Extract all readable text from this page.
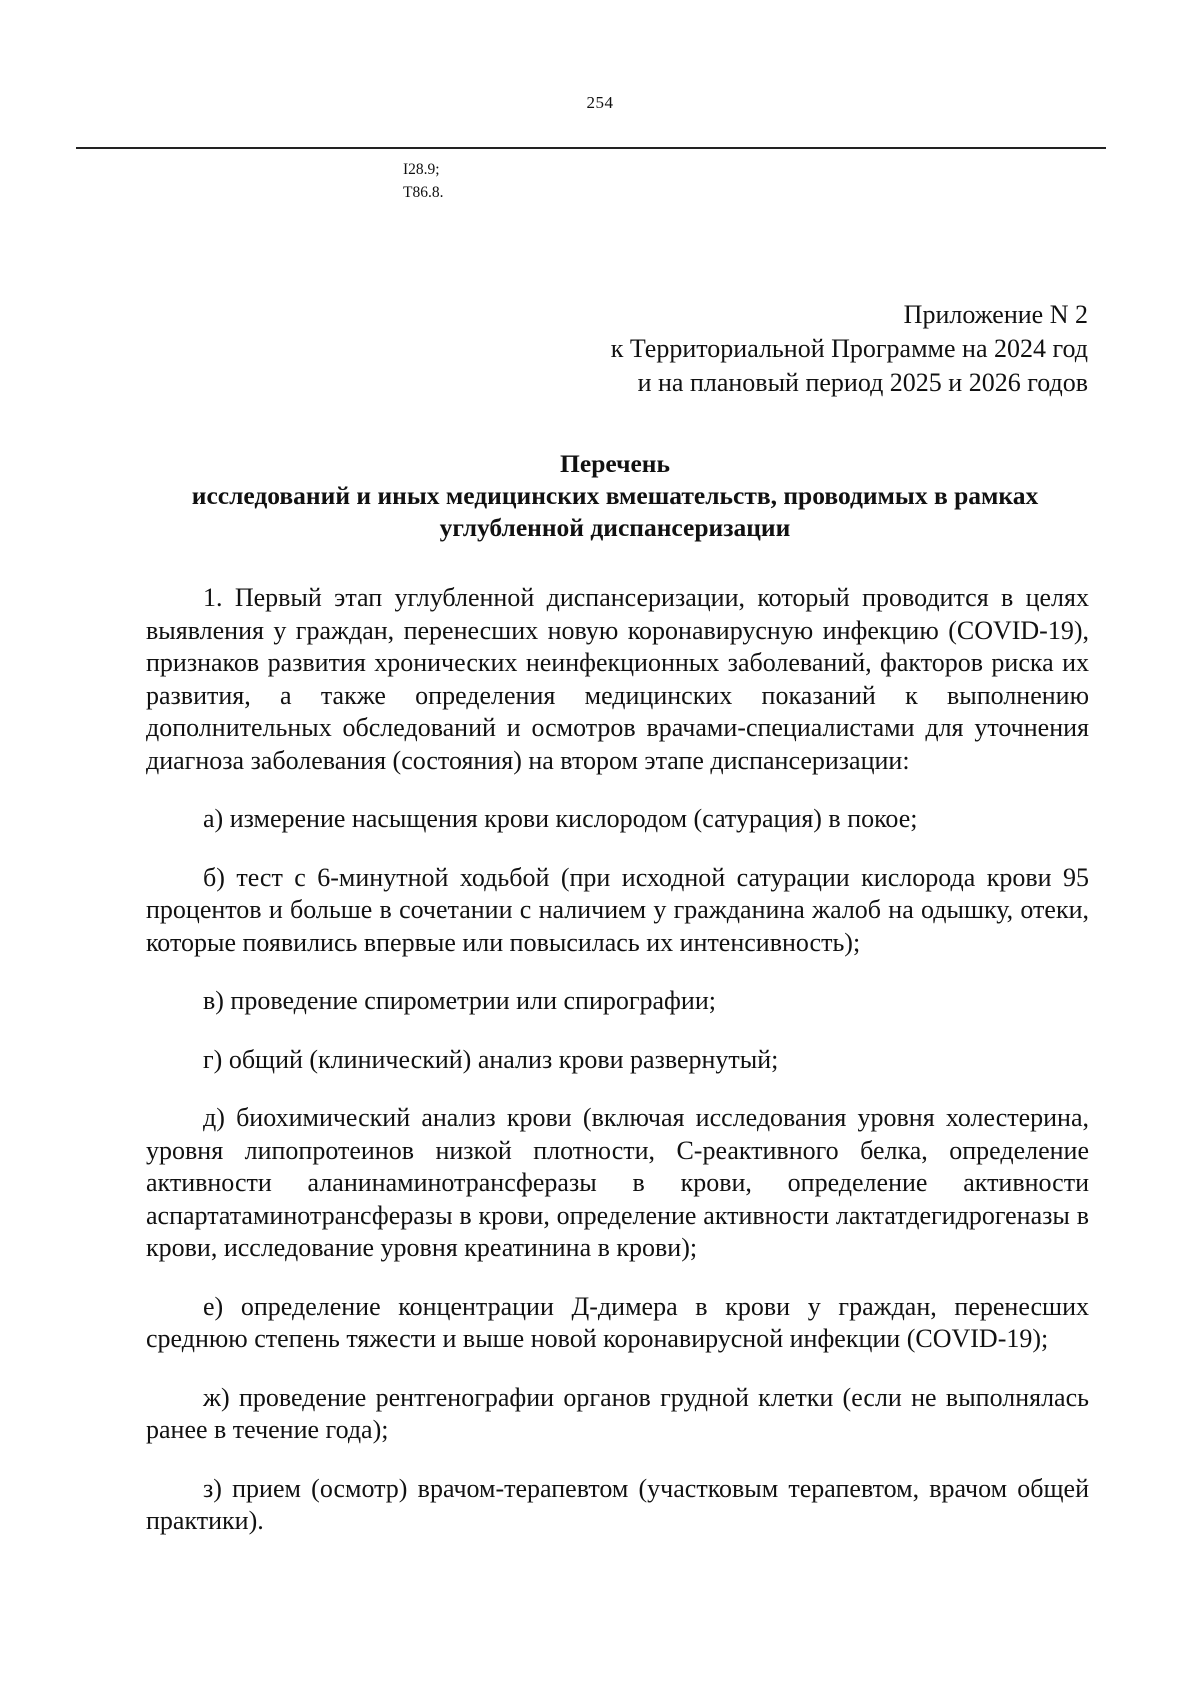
254
I28.9;
T86.8.
Приложение N 2
к Территориальной Программе на 2024 год
и на плановый период 2025 и 2026 годов
Перечень
исследований и иных медицинских вмешательств, проводимых в рамках
углубленной диспансеризации

1. Первый этап углубленной диспансеризации, который проводится в целях выявления у граждан, перенесших новую коронавирусную инфекцию (COVID-19), признаков развития хронических неинфекционных заболеваний, факторов риска их развития, а также определения медицинских показаний к выполнению дополнительных обследований и осмотров врачами-специалистами для уточнения диагноза заболевания (состояния) на втором этапе диспансеризации:

а) измерение насыщения крови кислородом (сатурация) в покое;

б) тест с 6-минутной ходьбой (при исходной сатурации кислорода крови 95 процентов и больше в сочетании с наличием у гражданина жалоб на одышку, отеки, которые появились впервые или повысилась их интенсивность);

в) проведение спирометрии или спирографии;

г) общий (клинический) анализ крови развернутый;

д) биохимический анализ крови (включая исследования уровня холестерина, уровня липопротеинов низкой плотности, С-реактивного белка, определение активности аланинаминотрансферазы в крови, определение активности аспартатаминотрансферазы в крови, определение активности лактатдегидрогеназы в крови, исследование уровня креатинина в крови);

е) определение концентрации Д-димера в крови у граждан, перенесших среднюю степень тяжести и выше новой коронавирусной инфекции (COVID-19);

ж) проведение рентгенографии органов грудной клетки (если не выполнялась ранее в течение года);

з) прием (осмотр) врачом-терапевтом (участковым терапевтом, врачом общей практики).
